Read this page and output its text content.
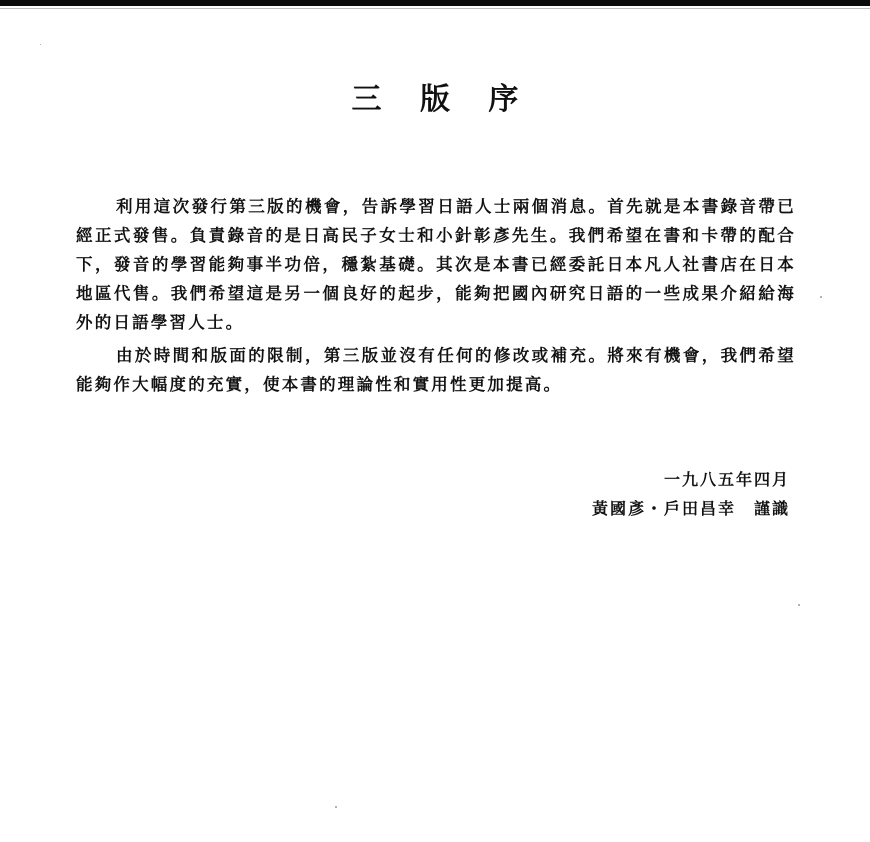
三 版 序

利用這次發行第三版的機會，告訴學習日語人士兩個消息。首先就是本書錄音帶已經正式發售。負責錄音的是日高民子女士和小針彰彥先生。我們希望在書和卡帶的配合下，發音的學習能夠事半功倍，穩紮基礎。其次是本書已經委託日本凡人社書店在日本地區代售。我們希望這是另一個良好的起步，能夠把國內研究日語的一些成果介紹給海外的日語學習人士。

由於時間和版面的限制，第三版並沒有任何的修改或補充。將來有機會，我們希望能夠作大幅度的充實，使本書的理論性和實用性更加提高。

一九八五年四月
黃國彥・戶田昌幸　謹識
